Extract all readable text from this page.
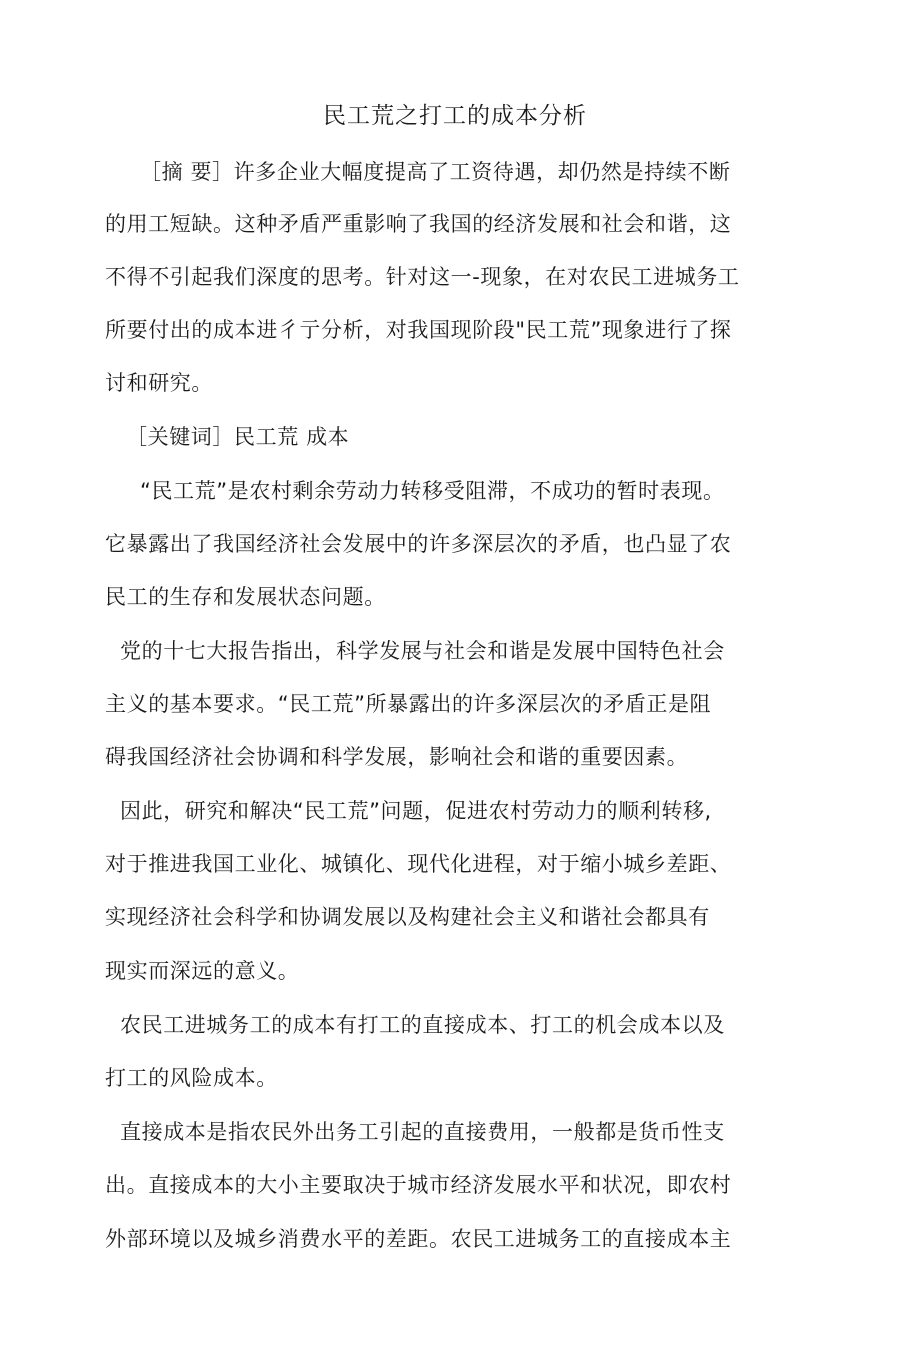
民工荒之打工的成本分析
［摘 要］许多企业大幅度提高了工资待遇，却仍然是持续不断
的用工短缺。这种矛盾严重影响了我国的经济发展和社会和谐，这
不得不引起我们深度的思考。针对这一-现象，在对农民工进城务工
所要付出的成本进彳亍分析，对我国现阶段"民工荒”现象进行了探
讨和研究。
［关键词］民工荒 成本
“民工荒”是农村剩余劳动力转移受阻滞，不成功的暂时表现。
它暴露出了我国经济社会发展中的许多深层次的矛盾，也凸显了农
民工的生存和发展状态问题。
党的十七大报告指出，科学发展与社会和谐是发展中国特色社会
主义的基本要求。“民工荒”所暴露出的许多深层次的矛盾正是阻
碍我国经济社会协调和科学发展，影响社会和谐的重要因素。
因此，研究和解决“民工荒”问题，促进农村劳动力的顺利转移,
对于推进我国工业化、城镇化、现代化进程，对于缩小城乡差距、
实现经济社会科学和协调发展以及构建社会主义和谐社会都具有
现实而深远的意义。
农民工进城务工的成本有打工的直接成本、打工的机会成本以及
打工的风险成本。
直接成本是指农民外出务工引起的直接费用，一般都是货币性支
出。直接成本的大小主要取决于城市经济发展水平和状况，即农村
外部环境以及城乡消费水平的差距。农民工进城务工的直接成本主
